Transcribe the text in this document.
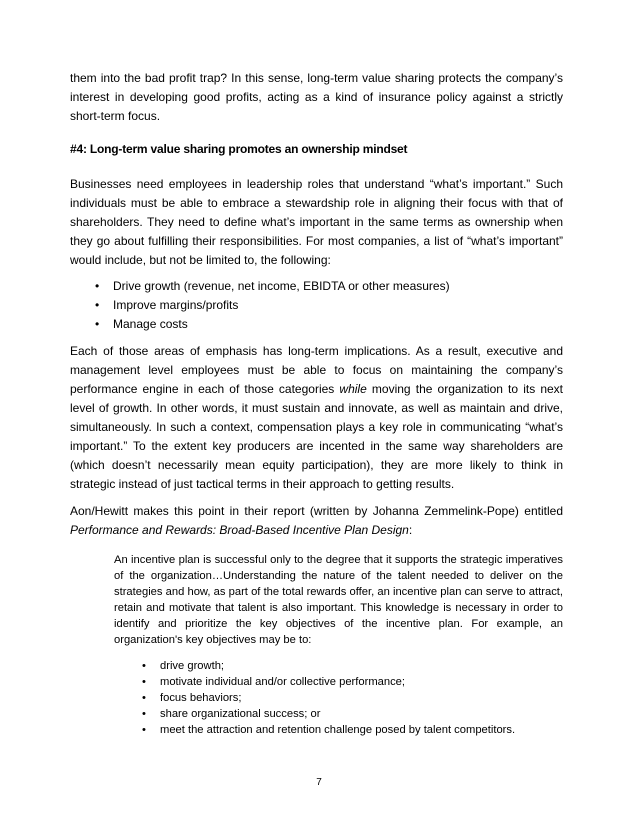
them into the bad profit trap? In this sense, long-term value sharing protects the company’s interest in developing good profits, acting as a kind of insurance policy against a strictly short-term focus.

#4: Long-term value sharing promotes an ownership mindset

Businesses need employees in leadership roles that understand “what’s important.” Such individuals must be able to embrace a stewardship role in aligning their focus with that of shareholders. They need to define what’s important in the same terms as ownership when they go about fulfilling their responsibilities. For most companies, a list of “what’s important” would include, but not be limited to, the following:

• Drive growth (revenue, net income, EBIDTA or other measures)
• Improve margins/profits
• Manage costs

Each of those areas of emphasis has long-term implications. As a result, executive and management level employees must be able to focus on maintaining the company’s performance engine in each of those categories while moving the organization to its next level of growth. In other words, it must sustain and innovate, as well as maintain and drive, simultaneously. In such a context, compensation plays a key role in communicating “what’s important.” To the extent key producers are incented in the same way shareholders are (which doesn’t necessarily mean equity participation), they are more likely to think in strategic instead of just tactical terms in their approach to getting results.

Aon/Hewitt makes this point in their report (written by Johanna Zemmelink-Pope) entitled Performance and Rewards: Broad-Based Incentive Plan Design:

An incentive plan is successful only to the degree that it supports the strategic imperatives of the organization…Understanding the nature of the talent needed to deliver on the strategies and how, as part of the total rewards offer, an incentive plan can serve to attract, retain and motivate that talent is also important. This knowledge is necessary in order to identify and prioritize the key objectives of the incentive plan. For example, an organization's key objectives may be to:

• drive growth;
• motivate individual and/or collective performance;
• focus behaviors;
• share organizational success; or
• meet the attraction and retention challenge posed by talent competitors.
7
